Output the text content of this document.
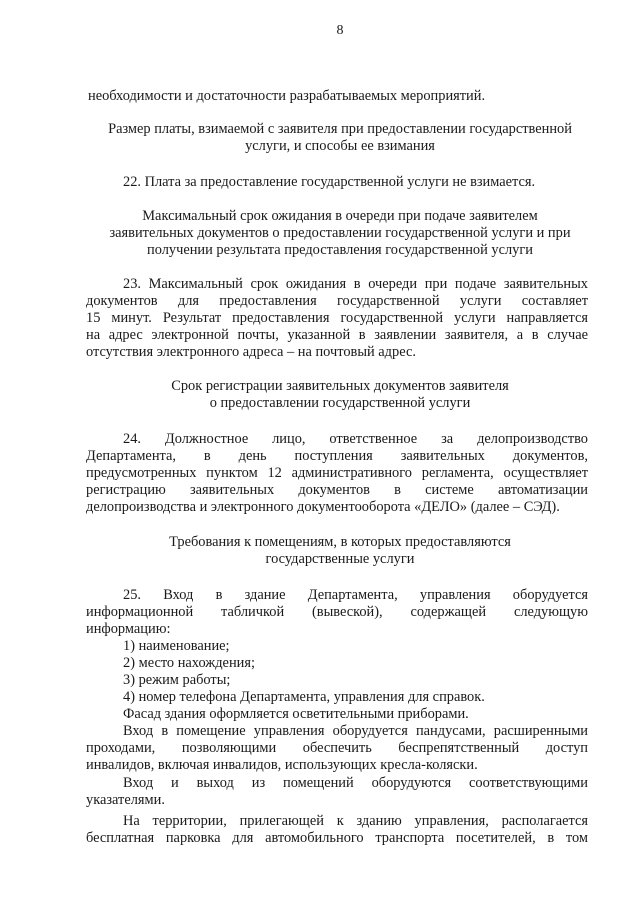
8
необходимости и достаточности разрабатываемых мероприятий.
Размер платы, взимаемой с заявителя при предоставлении государственной
услуги, и способы ее взимания
22. Плата за предоставление государственной услуги не взимается.
Максимальный срок ожидания в очереди при подаче заявителем
заявительных документов о предоставлении государственной услуги и при
получении результата предоставления государственной услуги
23. Максимальный срок ожидания в очереди при подаче заявительных
документов для предоставления государственной услуги составляет
15 минут. Результат предоставления государственной услуги направляется
на адрес электронной почты, указанной в заявлении заявителя, а в случае
отсутствия электронного адреса – на почтовый адрес.
Срок регистрации заявительных документов заявителя
о предоставлении государственной услуги
24. Должностное лицо, ответственное за делопроизводство
Департамента, в день поступления заявительных документов,
предусмотренных пунктом 12 административного регламента, осуществляет
регистрацию заявительных документов в системе автоматизации
делопроизводства и электронного документооборота «ДЕЛО» (далее – СЭД).
Требования к помещениям, в которых предоставляются
государственные услуги
25. Вход в здание Департамента, управления оборудуется
информационной табличкой (вывеской), содержащей следующую
информацию:
1) наименование;
2) место нахождения;
3) режим работы;
4) номер телефона Департамента, управления для справок.
Фасад здания оформляется осветительными приборами.
Вход в помещение управления оборудуется пандусами, расширенными
проходами, позволяющими обеспечить беспрепятственный доступ
инвалидов, включая инвалидов, использующих кресла-коляски.
Вход и выход из помещений оборудуются соответствующими
указателями.
На территории, прилегающей к зданию управления, располагается
бесплатная парковка для автомобильного транспорта посетителей, в том
